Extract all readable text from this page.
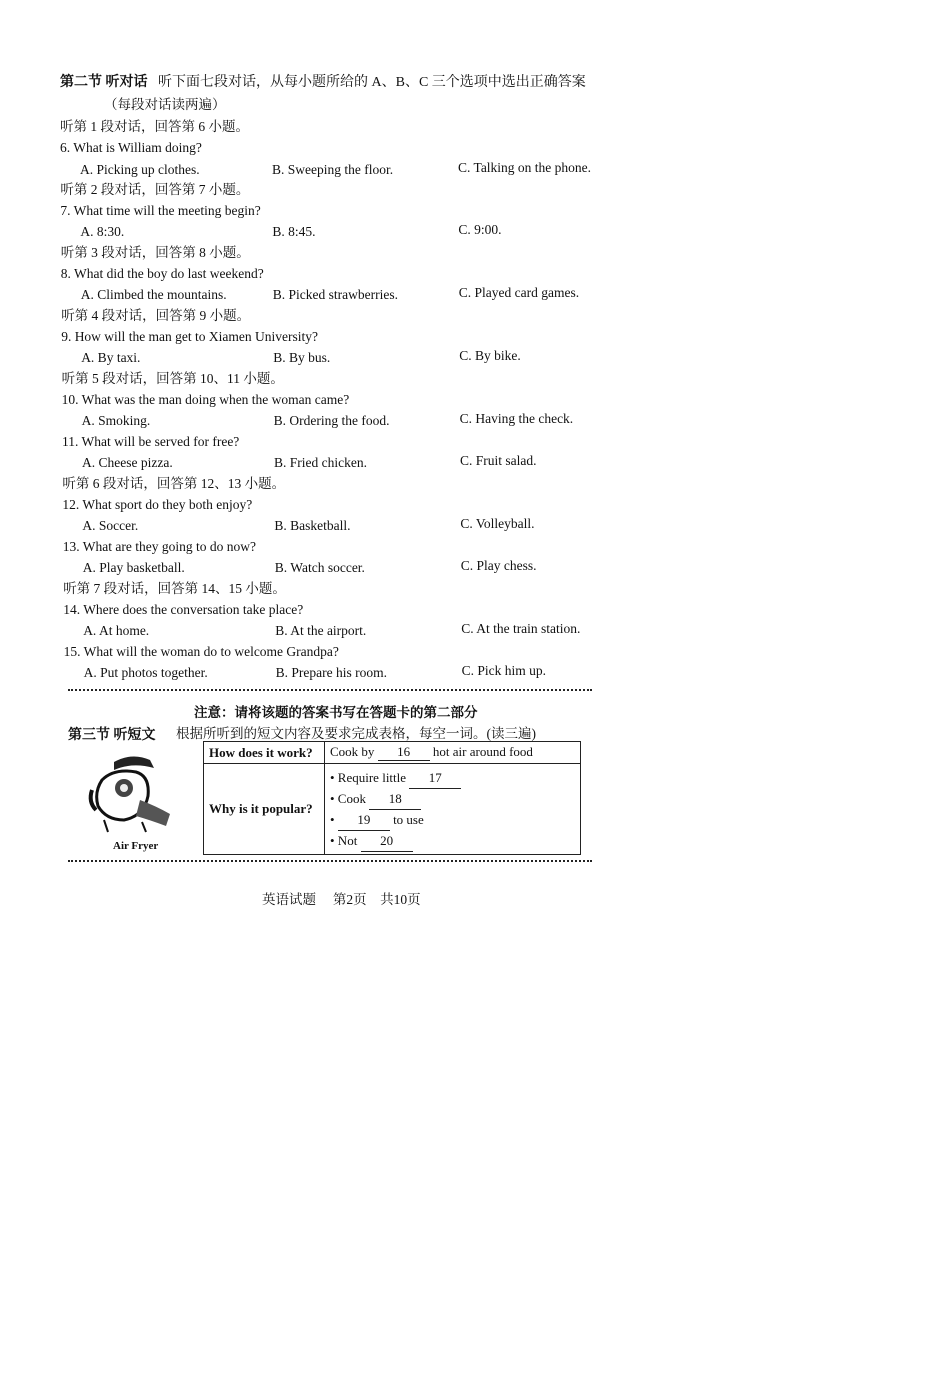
第二节 听对话 听下面七段对话，从每小题所给的 A、B、C 三个选项中选出正确答案
（每段对话读两遍）
听第 1 段对话，回答第 6 小题。
6. What is William doing?
A. Picking up clothes.	B. Sweeping the floor.	C. Talking on the phone.
听第 2 段对话，回答第 7 小题。
7. What time will the meeting begin?
A. 8:30.	B. 8:45.	C. 9:00.
听第 3 段对话，回答第 8 小题。
8. What did the boy do last weekend?
A. Climbed the mountains.	B. Picked strawberries.	C. Played card games.
听第 4 段对话，回答第 9 小题。
9. How will the man get to Xiamen University?
A. By taxi.	B. By bus.	C. By bike.
听第 5 段对话，回答第 10、11 小题。
10. What was the man doing when the woman came?
A. Smoking.	B. Ordering the food.	C. Having the check.
11. What will be served for free?
A. Cheese pizza.	B. Fried chicken.	C. Fruit salad.
听第 6 段对话，回答第 12、13 小题。
12. What sport do they both enjoy?
A. Soccer.	B. Basketball.	C. Volleyball.
13. What are they going to do now?
A. Play basketball.	B. Watch soccer.	C. Play chess.
听第 7 段对话，回答第 14、15 小题。
14. Where does the conversation take place?
A. At home.	B. At the airport.	C. At the train station.
15. What will the woman do to welcome Grandpa?
A. Put photos together.	B. Prepare his room.	C. Pick him up.
注意：请将该题的答案书写在答题卡的第二部分
第三节 听短文 根据所听到的短文内容及要求完成表格，每空一词。(读三遍)
Air Fryer
How does it work?	Cook by 16 hot air around food
Why is it popular?	• Require little 17
• Cook 18
• 19 to use
• Not 20
英语试题　 第2页　共10页
